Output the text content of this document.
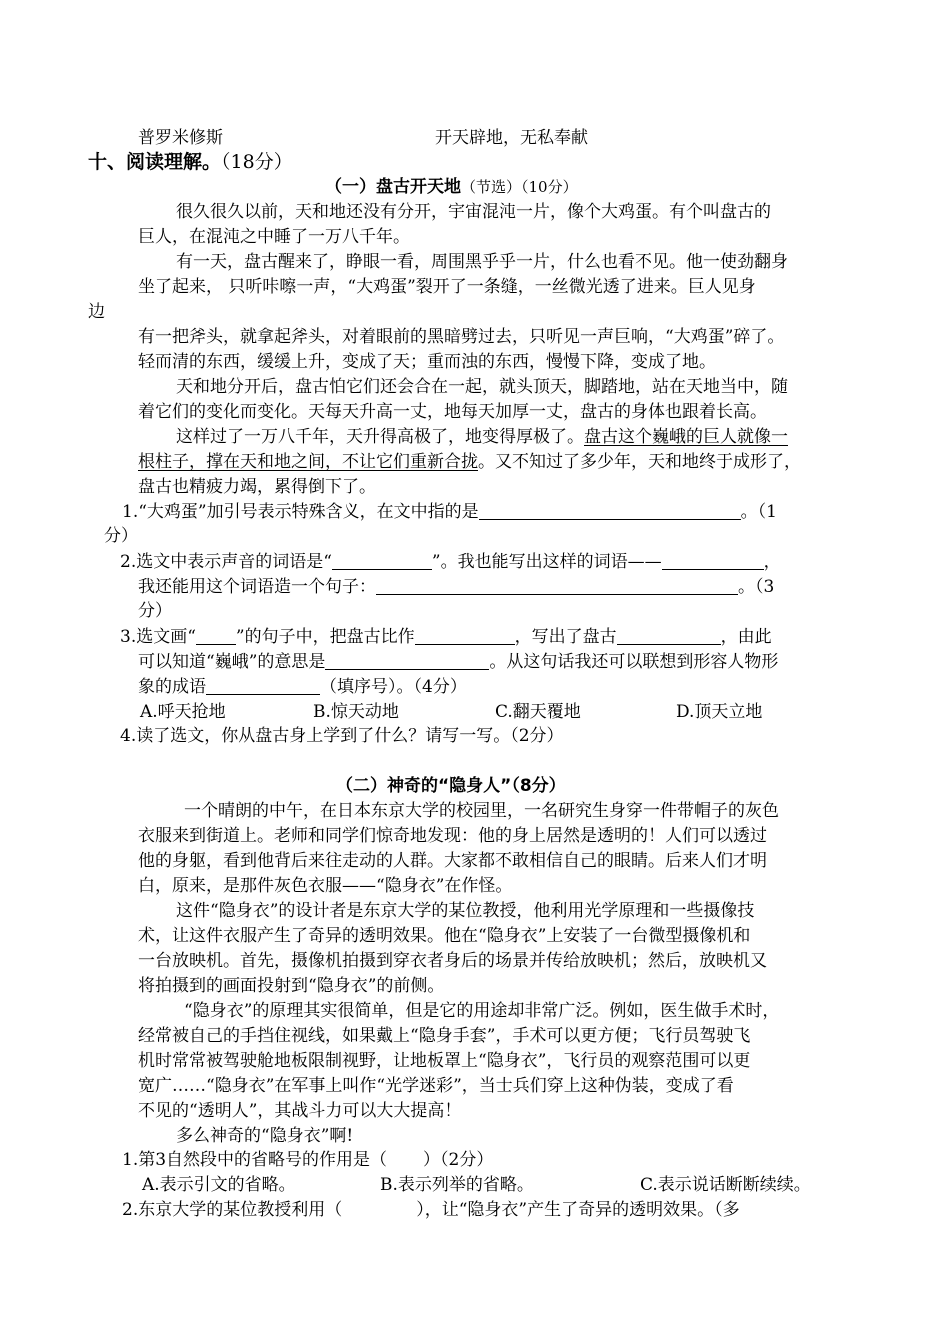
普罗米修斯	开天辟地，无私奉献
十、阅读理解。（18分）
（一）盘古开天地（节选）（10分）
很久很久以前，天和地还没有分开，宇宙混沌一片，像个大鸡蛋。有个叫盘古的
巨人，在混沌之中睡了一万八千年。
有一天，盘古醒来了，睁眼一看，周围黑乎乎一片，什么也看不见。他一使劲翻身
坐了起来， 只听咔嚓一声，“大鸡蛋”裂开了一条缝，一丝微光透了进来。巨人见身
边
有一把斧头，就拿起斧头，对着眼前的黑暗劈过去，只听见一声巨响，“大鸡蛋”碎了。
轻而清的东西，缓缓上升，变成了天；重而浊的东西，慢慢下降，变成了地。
天和地分开后，盘古怕它们还会合在一起，就头顶天，脚踏地，站在天地当中，随
着它们的变化而变化。天每天升高一丈，地每天加厚一丈，盘古的身体也跟着长高。
这样过了一万八千年，天升得高极了，地变得厚极了。盘古这个巍峨的巨人就像一
根柱子，撑在天和地之间，不让它们重新合拢。又不知过了多少年，天和地终于成形了，
盘古也精疲力竭，累得倒下了。
1.“大鸡蛋”加引号表示特殊含义，在文中指的是	。（1
分）
2.选文中表示声音的词语是“	”。我也能写出这样的词语——	，
我还能用这个词语造一个句子：	。（3
分）
3.选文画“ ”的句子中，把盘古比作	，写出了盘古	，由此
可以知道“巍峨”的意思是	。从这句话我还可以联想到形容人物形
象的成语	（填序号）。（4分）
A.呼天抢地	B.惊天动地	C.翻天覆地	D.顶天立地
4.读了选文，你从盘古身上学到了什么？请写一写。（2分）
（二）神奇的“隐身人”（8分）
一个晴朗的中午，在日本东京大学的校园里，一名研究生身穿一件带帽子的灰色
衣服来到街道上。老师和同学们惊奇地发现：他的身上居然是透明的！人们可以透过
他的身躯，看到他背后来往走动的人群。大家都不敢相信自己的眼睛。后来人们才明
白，原来，是那件灰色衣服——“隐身衣”在作怪。
这件“隐身衣”的设计者是东京大学的某位教授，他利用光学原理和一些摄像技
术，让这件衣服产生了奇异的透明效果。他在“隐身衣”上安装了一台微型摄像机和
一台放映机。首先，摄像机拍摄到穿衣者身后的场景并传给放映机；然后，放映机又
将拍摄到的画面投射到“隐身衣”的前侧。
“隐身衣”的原理其实很简单，但是它的用途却非常广泛。例如，医生做手术时，
经常被自己的手挡住视线，如果戴上“隐身手套”，手术可以更方便；飞行员驾驶飞
机时常常被驾驶舱地板限制视野，让地板罩上“隐身衣”，飞行员的观察范围可以更
宽广……“隐身衣”在军事上叫作“光学迷彩”，当士兵们穿上这种伪装，变成了看
不见的“透明人”，其战斗力可以大大提高！
多么神奇的“隐身衣”啊!
1.第3自然段中的省略号的作用是（ ）（2分）
A.表示引文的省略。	B.表示列举的省略。	C.表示说话断断续续。
2.东京大学的某位教授利用（	），让“隐身衣”产生了奇异的透明效果。（多
